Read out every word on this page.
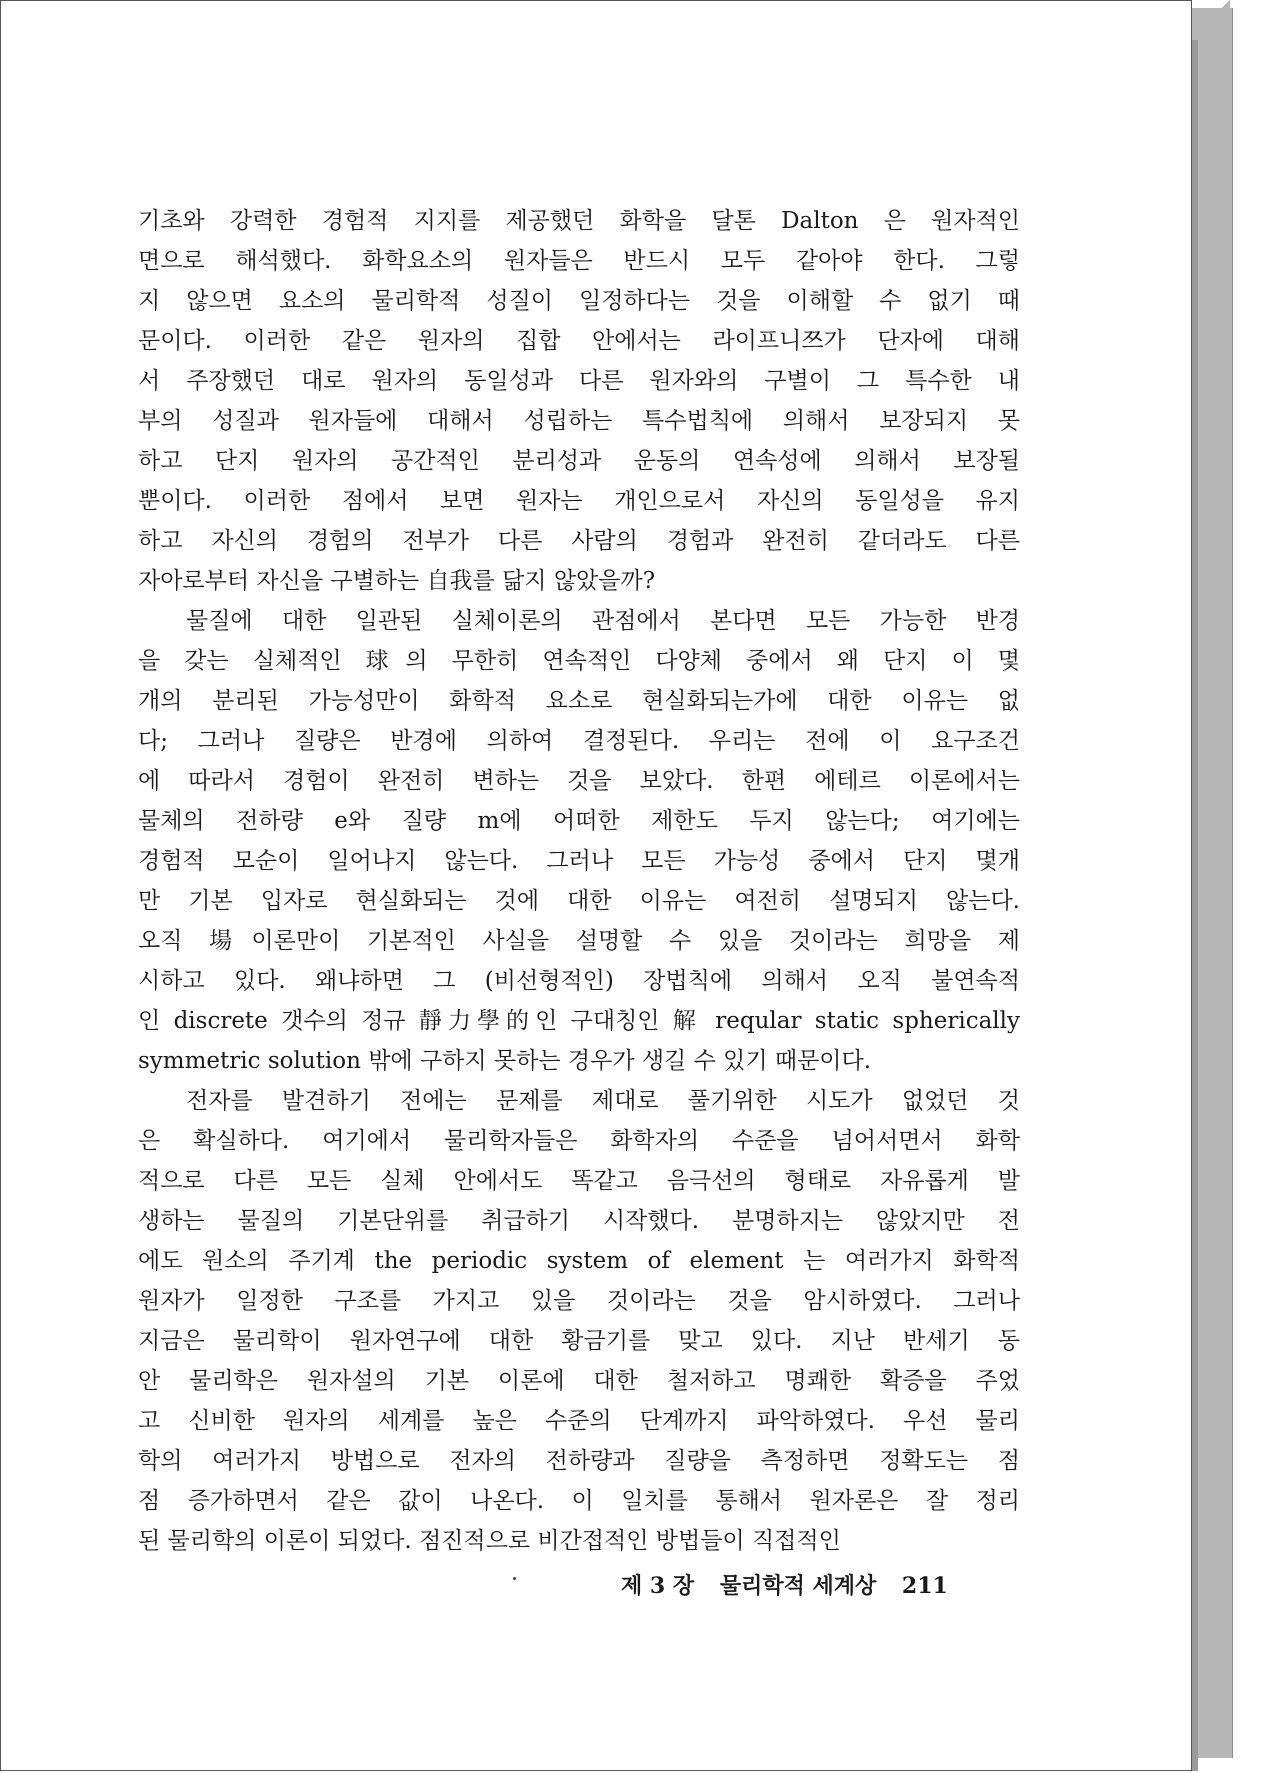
기초와 강력한 경험적 지지를 제공했던 화학을 달톤 Dalton 은 원자적인
면으로 해석했다. 화학요소의 원자들은 반드시 모두 같아야 한다. 그렇
지 않으면 요소의 물리학적 성질이 일정하다는 것을 이해할 수 없기 때
문이다. 이러한 같은 원자의 집합 안에서는 라이프니쯔가 단자에 대해
서 주장했던 대로 원자의 동일성과 다른 원자와의 구별이 그 특수한 내
부의 성질과 원자들에 대해서 성립하는 특수법칙에 의해서 보장되지 못
하고 단지 원자의 공간적인 분리성과 운동의 연속성에 의해서 보장될
뿐이다. 이러한 점에서 보면 원자는 개인으로서 자신의 동일성을 유지
하고 자신의 경험의 전부가 다른 사람의 경험과 완전히 같더라도 다른
자아로부터 자신을 구별하는 自我를 닮지 않았을까?
물질에 대한 일관된 실체이론의 관점에서 본다면 모든 가능한 반경
을 갖는 실체적인 球의 무한히 연속적인 다양체 중에서 왜 단지 이 몇
개의 분리된 가능성만이 화학적 요소로 현실화되는가에 대한 이유는 없
다; 그러나 질량은 반경에 의하여 결정된다. 우리는 전에 이 요구조건
에 따라서 경험이 완전히 변하는 것을 보았다. 한편 에테르 이론에서는
물체의 전하량 e와 질량 m에 어떠한 제한도 두지 않는다; 여기에는
경험적 모순이 일어나지 않는다. 그러나 모든 가능성 중에서 단지 몇개
만 기본 입자로 현실화되는 것에 대한 이유는 여전히 설명되지 않는다.
오직 場이론만이 기본적인 사실을 설명할 수 있을 것이라는 희망을 제
시하고 있다. 왜냐하면 그 (비선형적인) 장법칙에 의해서 오직 불연속적
인 discrete 갯수의 정규 靜力學的인 구대칭인 解 reqular static spherically
symmetric solution 밖에 구하지 못하는 경우가 생길 수 있기 때문이다.
전자를 발견하기 전에는 문제를 제대로 풀기위한 시도가 없었던 것
은 확실하다. 여기에서 물리학자들은 화학자의 수준을 넘어서면서 화학
적으로 다른 모든 실체 안에서도 똑같고 음극선의 형태로 자유롭게 발
생하는 물질의 기본단위를 취급하기 시작했다. 분명하지는 않았지만 전
에도 원소의 주기계 the periodic system of element 는 여러가지 화학적
원자가 일정한 구조를 가지고 있을 것이라는 것을 암시하였다. 그러나
지금은 물리학이 원자연구에 대한 황금기를 맞고 있다. 지난 반세기 동
안 물리학은 원자설의 기본 이론에 대한 철저하고 명쾌한 확증을 주었
고 신비한 원자의 세계를 높은 수준의 단계까지 파악하였다. 우선 물리
학의 여러가지 방법으로 전자의 전하량과 질량을 측정하면 정확도는 점
점 증가하면서 같은 값이 나온다. 이 일치를 통해서 원자론은 잘 정리
된 물리학의 이론이 되었다. 점진적으로 비간접적인 방법들이 직접적인
제 3 장 물리학적 세계상 211
